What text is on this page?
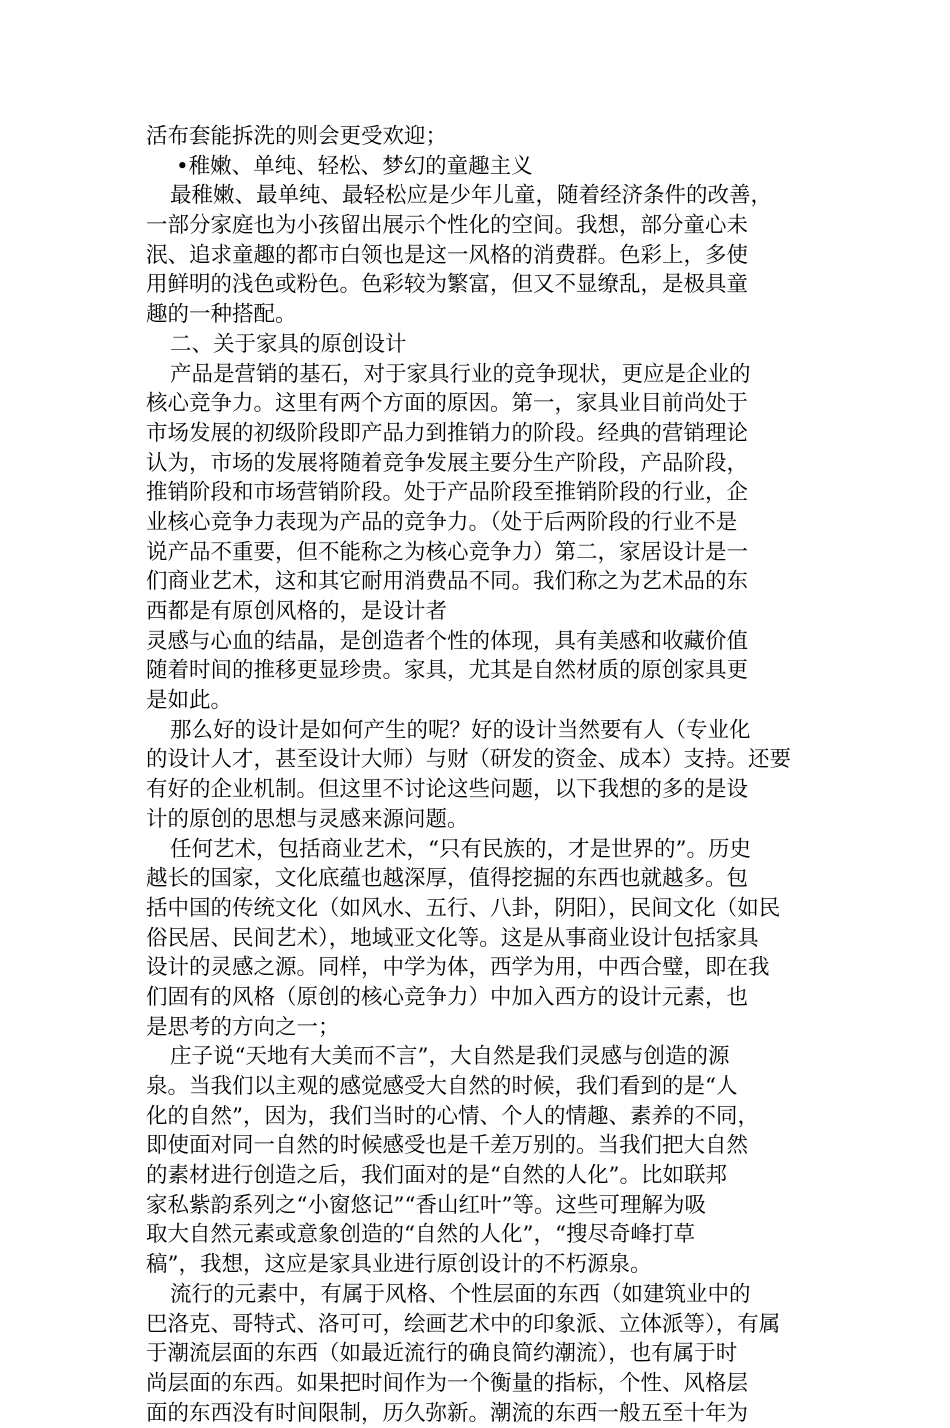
活布套能拆洗的则会更受欢迎；
•稚嫩、单纯、轻松、梦幻的童趣主义
最稚嫩、最单纯、最轻松应是少年儿童，随着经济条件的改善，
一部分家庭也为小孩留出展示个性化的空间。我想，部分童心未
泯、追求童趣的都市白领也是这一风格的消费群。色彩上，多使
用鲜明的浅色或粉色。色彩较为繁富，但又不显缭乱，是极具童
趣的一种搭配。
二、关于家具的原创设计
产品是营销的基石，对于家具行业的竞争现状，更应是企业的
核心竞争力。这里有两个方面的原因。第一，家具业目前尚处于
市场发展的初级阶段即产品力到推销力的阶段。经典的营销理论
认为，市场的发展将随着竞争发展主要分生产阶段，产品阶段，
推销阶段和市场营销阶段。处于产品阶段至推销阶段的行业，企
业核心竞争力表现为产品的竞争力。（处于后两阶段的行业不是
说产品不重要，但不能称之为核心竞争力）第二，家居设计是一
们商业艺术，这和其它耐用消费品不同。我们称之为艺术品的东
西都是有原创风格的，是设计者
灵感与心血的结晶，是创造者个性的体现，具有美感和收藏价值
随着时间的推移更显珍贵。家具，尤其是自然材质的原创家具更
是如此。
那么好的设计是如何产生的呢？好的设计当然要有人（专业化
的设计人才，甚至设计大师）与财（研发的资金、成本）支持。还要
有好的企业机制。但这里不讨论这些问题，以下我想的多的是设
计的原创的思想与灵感来源问题。
任何艺术，包括商业艺术，“只有民族的，才是世界的”。历史
越长的国家，文化底蕴也越深厚，值得挖掘的东西也就越多。包
括中国的传统文化（如风水、五行、八卦，阴阳），民间文化（如民
俗民居、民间艺术），地域亚文化等。这是从事商业设计包括家具
设计的灵感之源。同样，中学为体，西学为用，中西合璧，即在我
们固有的风格（原创的核心竞争力）中加入西方的设计元素，也
是思考的方向之一；
庄子说“天地有大美而不言”，大自然是我们灵感与创造的源
泉。当我们以主观的感觉感受大自然的时候，我们看到的是“人
化的自然”，因为，我们当时的心情、个人的情趣、素养的不同，
即使面对同一自然的时候感受也是千差万别的。当我们把大自然
的素材进行创造之后，我们面对的是“自然的人化”。比如联邦
家私紫韵系列之“小窗悠记”“香山红叶”等。这些可理解为吸
取大自然元素或意象创造的“自然的人化”，“搜尽奇峰打草
稿”，我想，这应是家具业进行原创设计的不朽源泉。
流行的元素中，有属于风格、个性层面的东西（如建筑业中的
巴洛克、哥特式、洛可可，绘画艺术中的印象派、立体派等），有属
于潮流层面的东西（如最近流行的确良简约潮流），也有属于时
尚层面的东西。如果把时间作为一个衡量的指标，个性、风格层
面的东西没有时间限制，历久弥新。潮流的东西一般五至十年为
